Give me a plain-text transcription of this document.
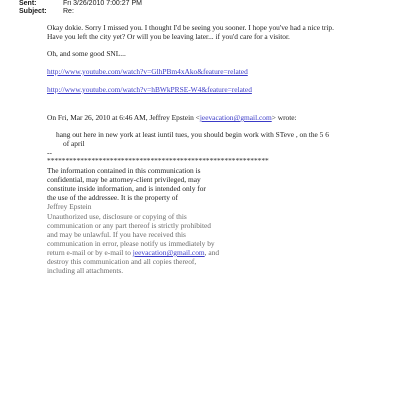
Sent:	Fri 3/26/2010 7:00:27 PM
Subject: Re:
Okay dokie. Sorry I missed you. I thought I'd be seeing you sooner. I hope you've had a nice trip.
Have you left the city yet? Or will you be leaving later... if you'd care for a visitor.
Oh, and some good SNL...
http://www.youtube.com/watch?v=GlhPBm4xAko&feature=related
http://www.youtube.com/watch?v=hBWkPRSE-W4&feature=related
On Fri, Mar 26, 2010 at 6:46 AM, Jeffrey Epstein <jeevacation@gmail.com> wrote:
hang out here in new york at least iuntil tues, you should begin work with STeve , on the 5 6
of april
--
************************************************************
The information contained in this communication is
confidential, may be attorney-client privileged, may
constitute inside information, and is intended only for
the use of the addressee. It is the property of
Jeffrey Epstein
Unauthorized use, disclosure or copying of this
communication or any part thereof is strictly prohibited
and may be unlawful. If you have received this
communication in error, please notify us immediately by
return e-mail or by e-mail to jeevacation@gmail.com, and
destroy this communication and all copies thereof,
including all attachments.
